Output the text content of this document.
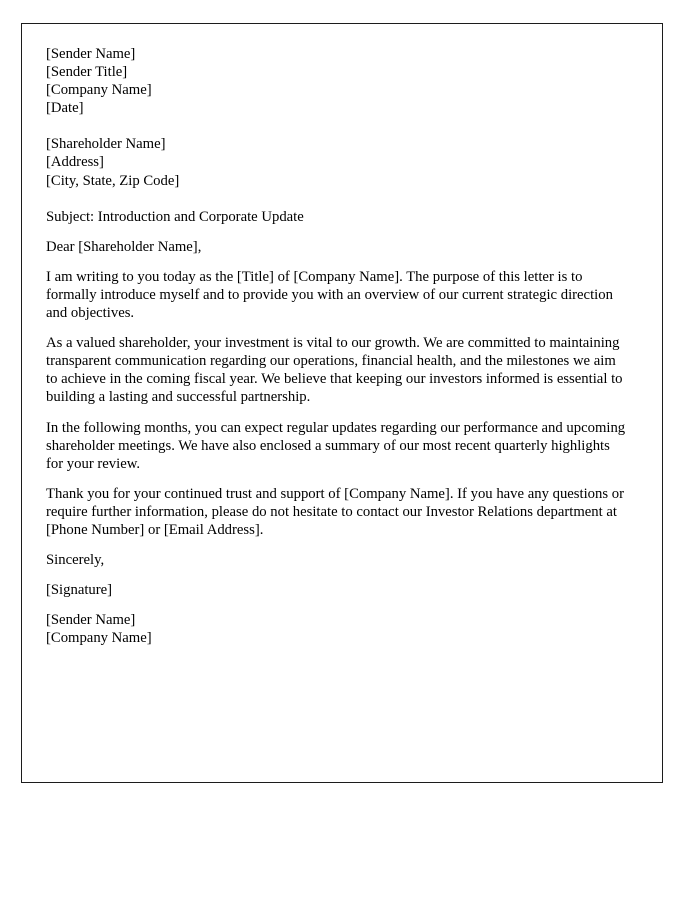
[Sender Name]
[Sender Title]
[Company Name]
[Date]
[Shareholder Name]
[Address]
[City, State, Zip Code]

Subject: Introduction and Corporate Update

Dear [Shareholder Name],

I am writing to you today as the [Title] of [Company Name]. The purpose of this letter is to formally introduce myself and to provide you with an overview of our current strategic direction and objectives.

As a valued shareholder, your investment is vital to our growth. We are committed to maintaining transparent communication regarding our operations, financial health, and the milestones we aim to achieve in the coming fiscal year. We believe that keeping our investors informed is essential to building a lasting and successful partnership.

In the following months, you can expect regular updates regarding our performance and upcoming shareholder meetings. We have also enclosed a summary of our most recent quarterly highlights for your review.

Thank you for your continued trust and support of [Company Name]. If you have any questions or require further information, please do not hesitate to contact our Investor Relations department at [Phone Number] or [Email Address].

Sincerely,

[Signature]

[Sender Name]
[Company Name]
